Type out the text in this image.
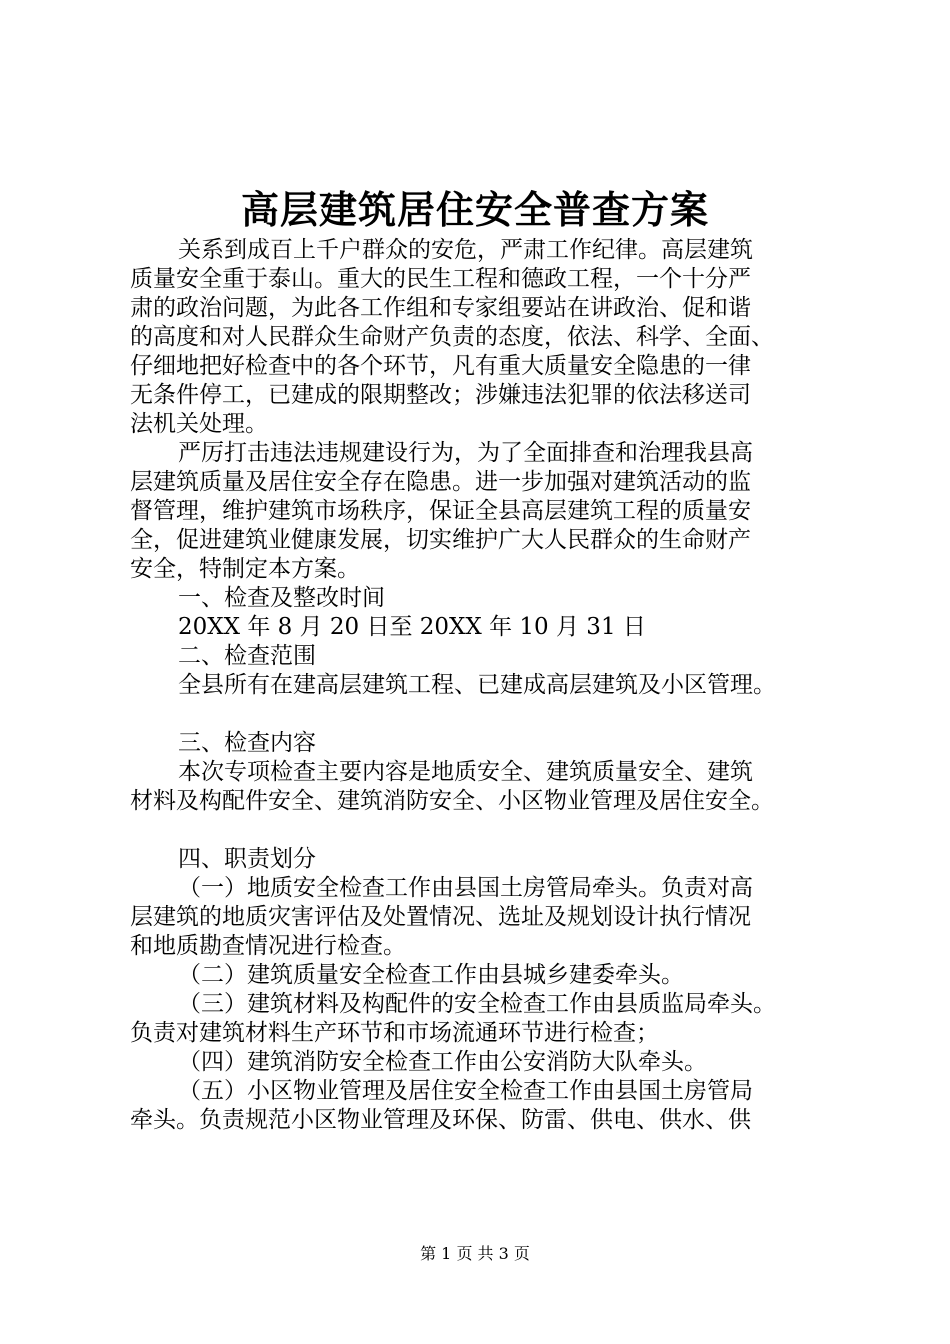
高层建筑居住安全普查方案
关系到成百上千户群众的安危，严肃工作纪律。高层建筑
质量安全重于泰山。重大的民生工程和德政工程，一个十分严
肃的政治问题，为此各工作组和专家组要站在讲政治、促和谐
的高度和对人民群众生命财产负责的态度，依法、科学、全面、
仔细地把好检查中的各个环节，凡有重大质量安全隐患的一律
无条件停工，已建成的限期整改；涉嫌违法犯罪的依法移送司
法机关处理。
严厉打击违法违规建设行为，为了全面排查和治理我县高
层建筑质量及居住安全存在隐患。进一步加强对建筑活动的监
督管理，维护建筑市场秩序，保证全县高层建筑工程的质量安
全，促进建筑业健康发展，切实维护广大人民群众的生命财产
安全，特制定本方案。
一、检查及整改时间
20XX 年 8 月 20 日至 20XX 年 10 月 31 日
二、检查范围
全县所有在建高层建筑工程、已建成高层建筑及小区管理。
三、检查内容
本次专项检查主要内容是地质安全、建筑质量安全、建筑
材料及构配件安全、建筑消防安全、小区物业管理及居住安全。
四、职责划分
（一）地质安全检查工作由县国土房管局牵头。负责对高
层建筑的地质灾害评估及处置情况、选址及规划设计执行情况
和地质勘查情况进行检查。
（二）建筑质量安全检查工作由县城乡建委牵头。
（三）建筑材料及构配件的安全检查工作由县质监局牵头。
负责对建筑材料生产环节和市场流通环节进行检查；
（四）建筑消防安全检查工作由公安消防大队牵头。
（五）小区物业管理及居住安全检查工作由县国土房管局
牵头。负责规范小区物业管理及环保、防雷、供电、供水、供
第 1 页 共 3 页
